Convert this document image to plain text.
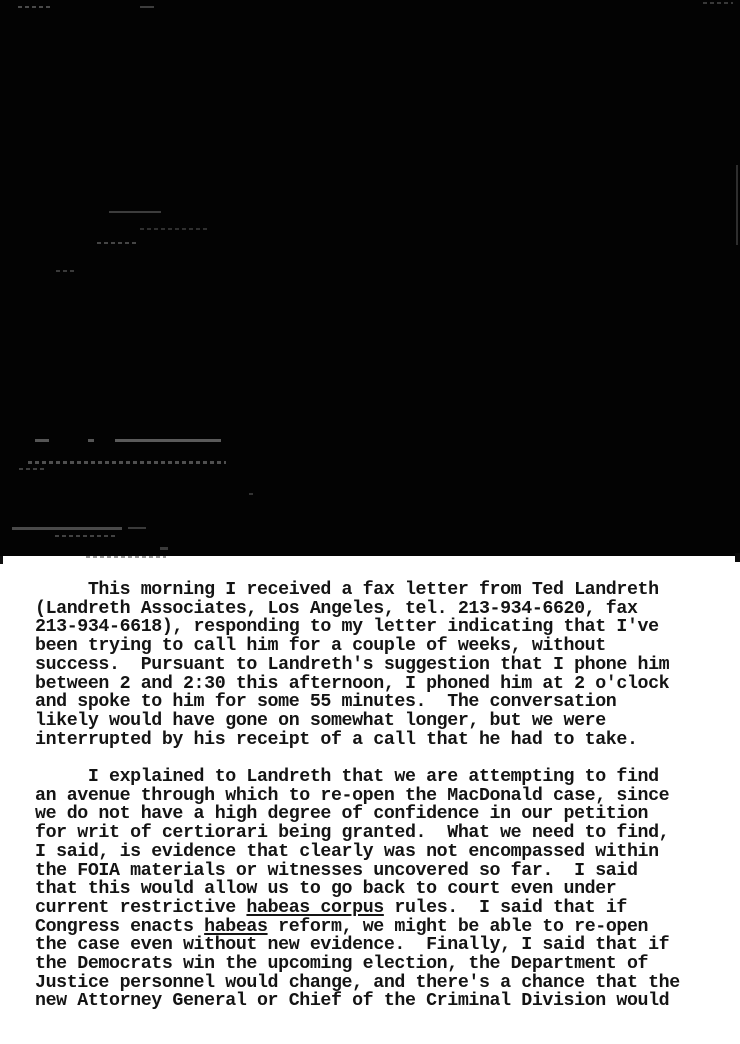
This morning I received a fax letter from Ted Landreth
(Landreth Associates, Los Angeles, tel. 213-934-6620, fax
213-934-6618), responding to my letter indicating that I've
been trying to call him for a couple of weeks, without
success.  Pursuant to Landreth's suggestion that I phone him
between 2 and 2:30 this afternoon, I phoned him at 2 o'clock
and spoke to him for some 55 minutes.  The conversation
likely would have gone on somewhat longer, but we were
interrupted by his receipt of a call that he had to take.
I explained to Landreth that we are attempting to find
an avenue through which to re-open the MacDonald case, since
we do not have a high degree of confidence in our petition
for writ of certiorari being granted.  What we need to find,
I said, is evidence that clearly was not encompassed within
the FOIA materials or witnesses uncovered so far.  I said
that this would allow us to go back to court even under
current restrictive habeas corpus rules.  I said that if
Congress enacts habeas reform, we might be able to re-open
the case even without new evidence.  Finally, I said that if
the Democrats win the upcoming election, the Department of
Justice personnel would change, and there's a chance that the
new Attorney General or Chief of the Criminal Division would
